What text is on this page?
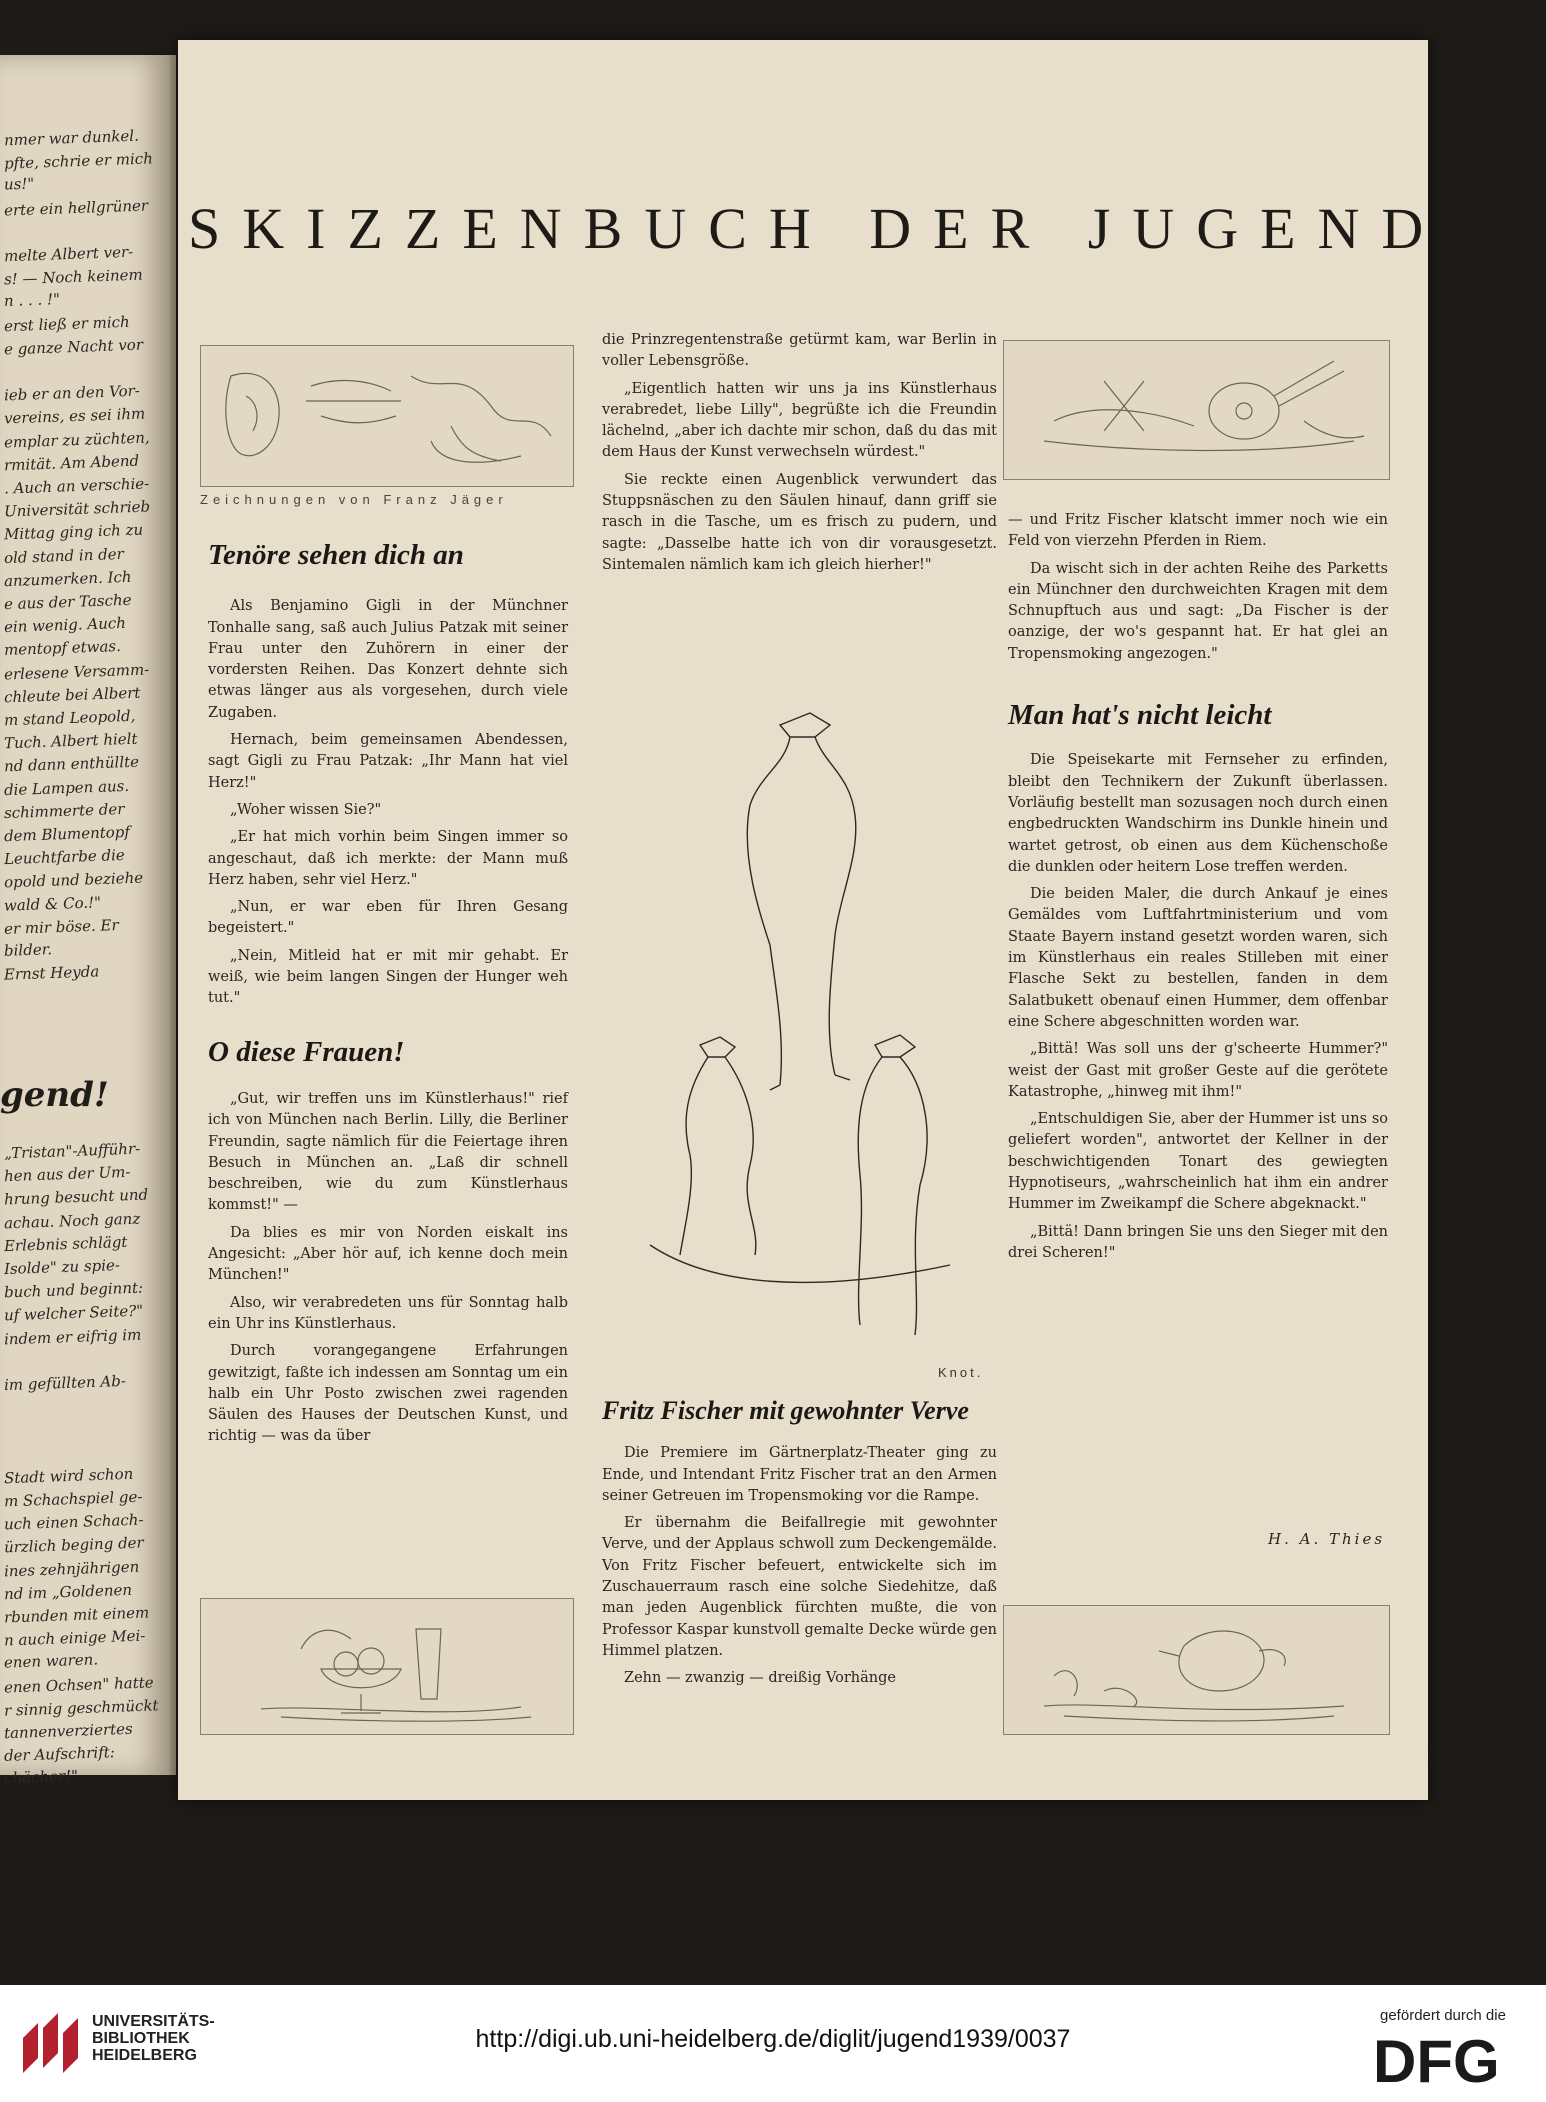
nmer war dunkel.
pfte, schrie er mich
us!"
erte ein hellgrüner
melte Albert ver-
s! — Noch keinem
n . . . !"
erst ließ er mich
e ganze Nacht vor
ieb er an den Vor-
vereins, es sei ihm
emplar zu züchten,
rmität. Am Abend
. Auch an verschie-
Universität schrieb
Mittag ging ich zu
old stand in der
anzumerken. Ich
e aus der Tasche
ein wenig. Auch
mentopf etwas.
erlesene Versamm-
chleute bei Albert
m stand Leopold,
Tuch. Albert hielt
nd dann enthüllte
die Lampen aus.
schimmerte der
dem Blumentopf
Leuchtfarbe die
opold und beziehe
wald & Co.!"
er mir böse. Er
bilder.
Ernst Heyda
gend!
„Tristan"-Aufführ-
hen aus der Um-
hrung besucht und
achau. Noch ganz
Erlebnis schlägt
Isolde" zu spie-
buch und beginnt:
uf welcher Seite?"
indem er eifrig im
im gefüllten Ab-
Stadt wird schon
m Schachspiel ge-
uch einen Schach-
ürzlich beging der
ines zehnjährigen
nd im „Goldenen
rbunden mit einem
n auch einige Mei-
enen waren.
enen Ochsen" hatte
r sinnig geschmückt
tannenverziertes
der Aufschrift:
chächer!"
SKIZZENBUCH DER JUGEND
Zeichnungen von Franz Jäger
Tenöre sehen dich an

Als Benjamino Gigli in der Münchner Tonhalle sang, saß auch Julius Patzak mit seiner Frau unter den Zuhörern in einer der vordersten Reihen. Das Konzert dehnte sich etwas länger aus als vorgesehen, durch viele Zugaben.

Hernach, beim gemeinsamen Abendessen, sagt Gigli zu Frau Patzak: „Ihr Mann hat viel Herz!"

„Woher wissen Sie?"

„Er hat mich vorhin beim Singen immer so angeschaut, daß ich merkte: der Mann muß Herz haben, sehr viel Herz."

„Nun, er war eben für Ihren Gesang begeistert."

„Nein, Mitleid hat er mit mir gehabt. Er weiß, wie beim langen Singen der Hunger weh tut."

O diese Frauen!

„Gut, wir treffen uns im Künstlerhaus!" rief ich von München nach Berlin. Lilly, die Berliner Freundin, sagte nämlich für die Feiertage ihren Besuch in München an. „Laß dir schnell beschreiben, wie du zum Künstlerhaus kommst!" —

Da blies es mir von Norden eiskalt ins Angesicht: „Aber hör auf, ich kenne doch mein München!"

Also, wir verabredeten uns für Sonntag halb ein Uhr ins Künstlerhaus.

Durch vorangegangene Erfahrungen gewitzigt, faßte ich indessen am Sonntag um ein halb ein Uhr Posto zwischen zwei ragenden Säulen des Hauses der Deutschen Kunst, und richtig — was da über

die Prinzregentenstraße getürmt kam, war Berlin in voller Lebensgröße.

„Eigentlich hatten wir uns ja ins Künstlerhaus verabredet, liebe Lilly", begrüßte ich die Freundin lächelnd, „aber ich dachte mir schon, daß du das mit dem Haus der Kunst verwechseln würdest."

Sie reckte einen Augenblick verwundert das Stuppsnäschen zu den Säulen hinauf, dann griff sie rasch in die Tasche, um es frisch zu pudern, und sagte: „Dasselbe hatte ich von dir vorausgesetzt. Sintemalen nämlich kam ich gleich hierher!"

Knot.
Fritz Fischer mit gewohnter Verve

Die Premiere im Gärtnerplatz-Theater ging zu Ende, und Intendant Fritz Fischer trat an den Armen seiner Getreuen im Tropensmoking vor die Rampe.

Er übernahm die Beifallregie mit gewohnter Verve, und der Applaus schwoll zum Deckengemälde. Von Fritz Fischer befeuert, entwickelte sich im Zuschauerraum rasch eine solche Siedehitze, daß man jeden Augenblick fürchten mußte, die von Professor Kaspar kunstvoll gemalte Decke würde gen Himmel platzen.

Zehn — zwanzig — dreißig Vorhänge

— und Fritz Fischer klatscht immer noch wie ein Feld von vierzehn Pferden in Riem.

Da wischt sich in der achten Reihe des Parketts ein Münchner den durchweichten Kragen mit dem Schnupftuch aus und sagt: „Da Fischer is der oanzige, der wo's gespannt hat. Er hat glei an Tropensmoking angezogen."

Man hat's nicht leicht

Die Speisekarte mit Fernseher zu erfinden, bleibt den Technikern der Zukunft überlassen. Vorläufig bestellt man sozusagen noch durch einen engbedruckten Wandschirm ins Dunkle hinein und wartet getrost, ob einen aus dem Küchenschoße die dunklen oder heitern Lose treffen werden.

Die beiden Maler, die durch Ankauf je eines Gemäldes vom Luftfahrtministerium und vom Staate Bayern instand gesetzt worden waren, sich im Künstlerhaus ein reales Stilleben mit einer Flasche Sekt zu bestellen, fanden in dem Salatbukett obenauf einen Hummer, dem offenbar eine Schere abgeschnitten worden war.

„Bittä! Was soll uns der g'scheerte Hummer?" weist der Gast mit großer Geste auf die gerötete Katastrophe, „hinweg mit ihm!"

„Entschuldigen Sie, aber der Hummer ist uns so geliefert worden", antwortet der Kellner in der beschwichtigenden Tonart des gewiegten Hypnotiseurs, „wahrscheinlich hat ihm ein andrer Hummer im Zweikampf die Schere abgeknackt."

„Bittä! Dann bringen Sie uns den Sieger mit den drei Scheren!"

H. A. Thies
33
UNIVERSITÄTS-
BIBLIOTHEK
HEIDELBERG
http://digi.ub.uni-heidelberg.de/diglit/jugend1939/0037
gefördert durch die
DFG
